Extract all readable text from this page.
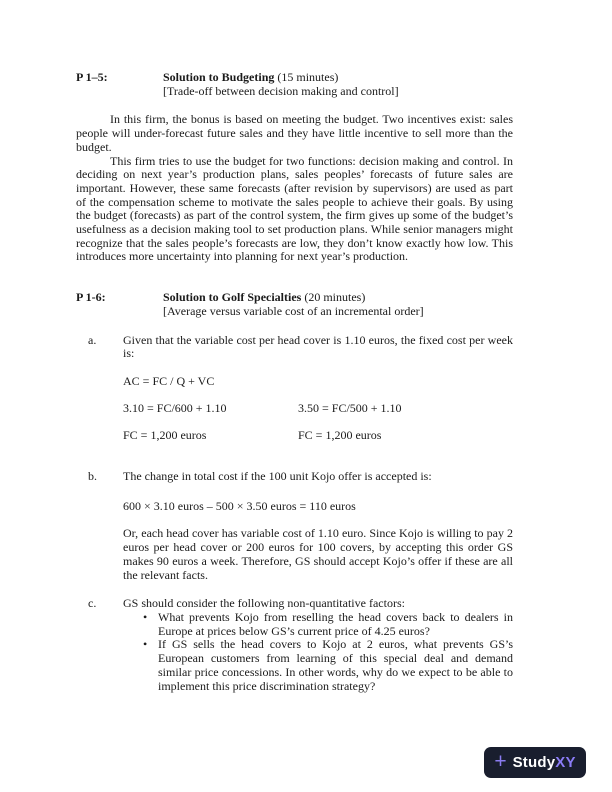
P 1–5:	Solution to Budgeting (15 minutes)
[Trade-off between decision making and control]
In this firm, the bonus is based on meeting the budget. Two incentives exist: sales people will under-forecast future sales and they have little incentive to sell more than the budget.
This firm tries to use the budget for two functions: decision making and control. In deciding on next year’s production plans, sales peoples’ forecasts of future sales are important. However, these same forecasts (after revision by supervisors) are used as part of the compensation scheme to motivate the sales people to achieve their goals. By using the budget (forecasts) as part of the control system, the firm gives up some of the budget’s usefulness as a decision making tool to set production plans. While senior managers might recognize that the sales people’s forecasts are low, they don’t know exactly how low. This introduces more uncertainty into planning for next year’s production.
P 1-6:	Solution to Golf Specialties (20 minutes)
[Average versus variable cost of an incremental order]
a.	Given that the variable cost per head cover is 1.10 euros, the fixed cost per week is:
AC = FC / Q + VC
3.10 = FC/600 + 1.10	3.50 = FC/500 + 1.10
FC = 1,200 euros	FC = 1,200 euros
b.	The change in total cost if the 100 unit Kojo offer is accepted is:
600 × 3.10 euros – 500 × 3.50 euros = 110 euros
Or, each head cover has variable cost of 1.10 euro. Since Kojo is willing to pay 2 euros per head cover or 200 euros for 100 covers, by accepting this order GS makes 90 euros a week. Therefore, GS should accept Kojo’s offer if these are all the relevant facts.
c.	GS should consider the following non-quantitative factors:
• What prevents Kojo from reselling the head covers back to dealers in Europe at prices below GS’s current price of 4.25 euros?
• If GS sells the head covers to Kojo at 2 euros, what prevents GS’s European customers from learning of this special deal and demand similar price concessions. In other words, why do we expect to be able to implement this price discrimination strategy?
+ Study XY
